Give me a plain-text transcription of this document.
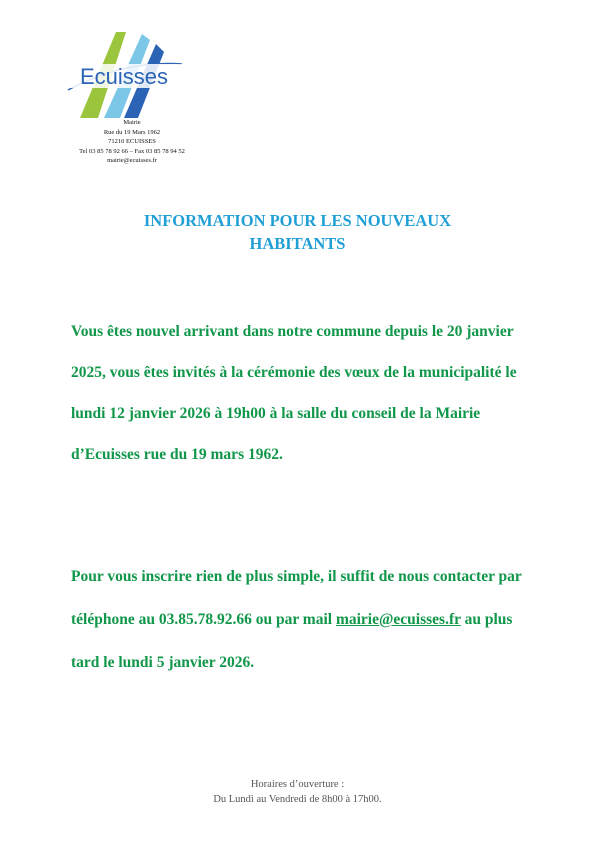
Ecuisses
Mairie
Rue du 19 Mars 1962
71210 ECUISSES
Tel 03 85 78 92 66 – Fax 03 85 78 94 52
mairie@ecuisses.fr
INFORMATION POUR LES NOUVEAUX
HABITANTS

Vous êtes nouvel arrivant dans notre commune depuis le 20 janvier 2025, vous êtes invités à la cérémonie des vœux de la municipalité le lundi 12 janvier 2026 à 19h00 à la salle du conseil de la Mairie d’Ecuisses rue du 19 mars 1962.

Pour vous inscrire rien de plus simple, il suffit de nous contacter par téléphone au 03.85.78.92.66 ou par mail mairie@ecuisses.fr au plus tard le lundi 5 janvier 2026.

Horaires d’ouverture :
Du Lundi au Vendredi de 8h00 à 17h00.
